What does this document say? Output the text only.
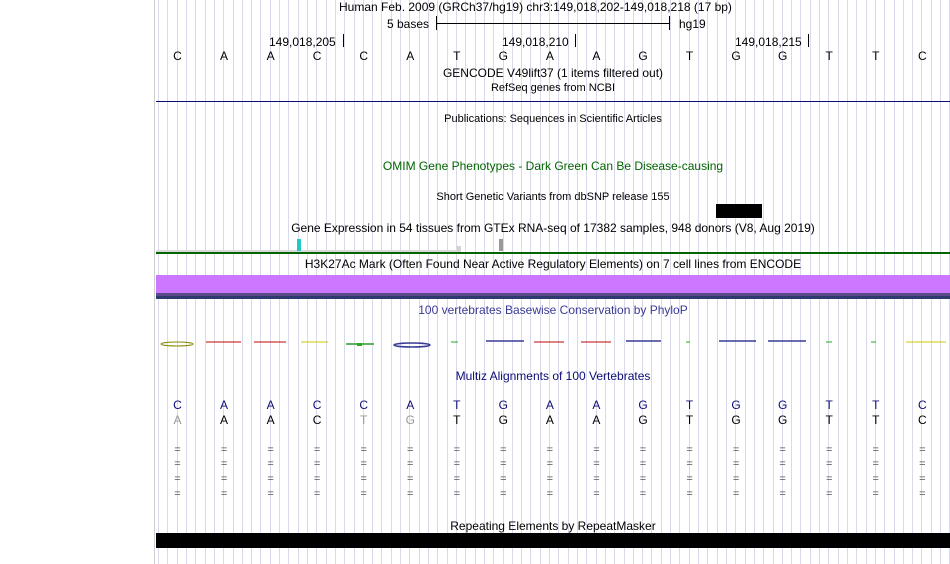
Human Feb. 2009 (GRCh37/hg19) chr3:149,018,202-149,018,218 (17 bp)
5 bases	hg19
149,018,205	149,018,210	149,018,215
C	A	A	C	C	A	T	G	A	A	G	T	G	G	T	T	C
GENCODE V49lift37 (1 items filtered out)
RefSeq genes from NCBI
Publications: Sequences in Scientific Articles
OMIM Gene Phenotypes - Dark Green Can Be Disease-causing
Short Genetic Variants from dbSNP release 155
Gene Expression in 54 tissues from GTEx RNA-seq of 17382 samples, 948 donors (V8, Aug 2019)
H3K27Ac Mark (Often Found Near Active Regulatory Elements) on 7 cell lines from ENCODE
100 vertebrates Basewise Conservation by PhyloP
Multiz Alignments of 100 Vertebrates
C	A	A	C	C	A	T	G	A	A	G	T	G	G	T	T	C
A	A	A	C	T	G	T	G	A	A	G	T	G	G	T	T	C
=	=	=	=	=	=	=	=	=	=	=	=	=	=	=	=	=
=	=	=	=	=	=	=	=	=	=	=	=	=	=	=	=	=
=	=	=	=	=	=	=	=	=	=	=	=	=	=	=	=	=
=	=	=	=	=	=	=	=	=	=	=	=	=	=	=	=	=
Repeating Elements by RepeatMasker
